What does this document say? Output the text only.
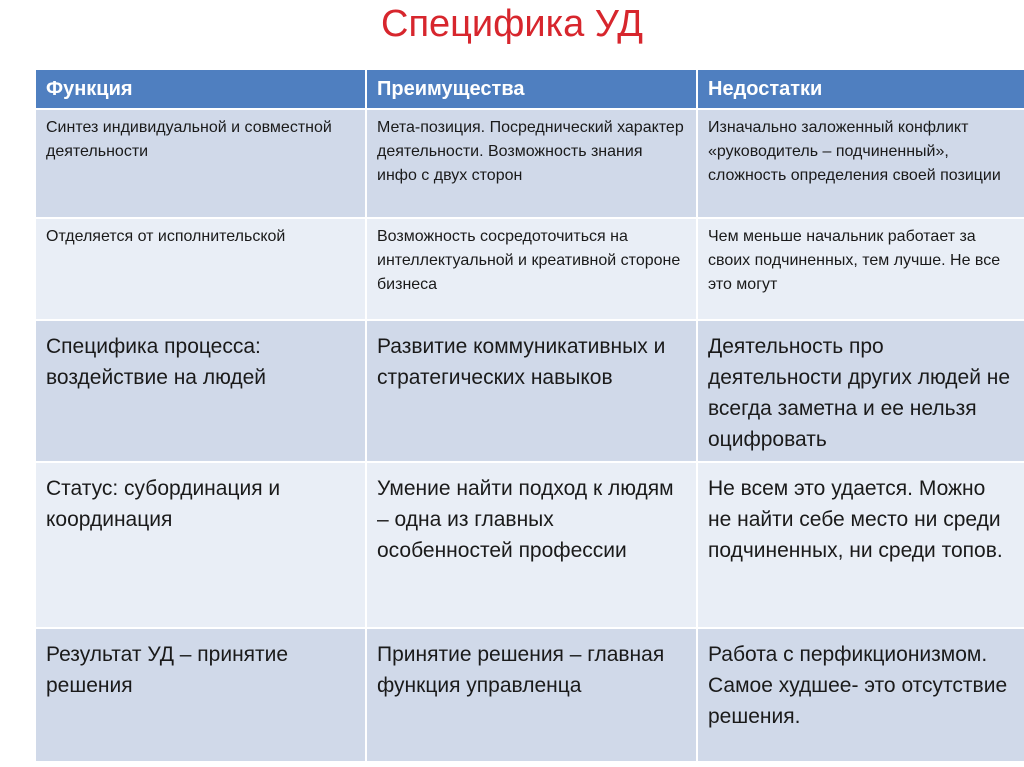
Специфика УД
Функция	Преимущества	Недостатки
Синтез индивидуальной и совместной деятельности	Мета-позиция. Посреднический характер деятельности. Возможность знания инфо с двух сторон	Изначально заложенный конфликт «руководитель – подчиненный», сложность определения своей позиции
Отделяется от исполнительской	Возможность сосредоточиться на интеллектуальной и креативной стороне бизнеса	Чем меньше начальник работает за своих подчиненных, тем лучше. Не все это могут
Специфика процесса: воздействие на людей	Развитие коммуникативных и стратегических навыков	Деятельность про деятельности других людей не всегда заметна и ее нельзя оцифровать
Статус: субординация и координация	Умение найти подход к людям – одна из главных особенностей профессии	Не всем это удается. Можно не найти себе место ни среди подчиненных, ни среди топов.
Результат УД – принятие решения	Принятие решения – главная функция управленца	Работа с перфикционизмом. Самое худшее- это отсутствие решения.
